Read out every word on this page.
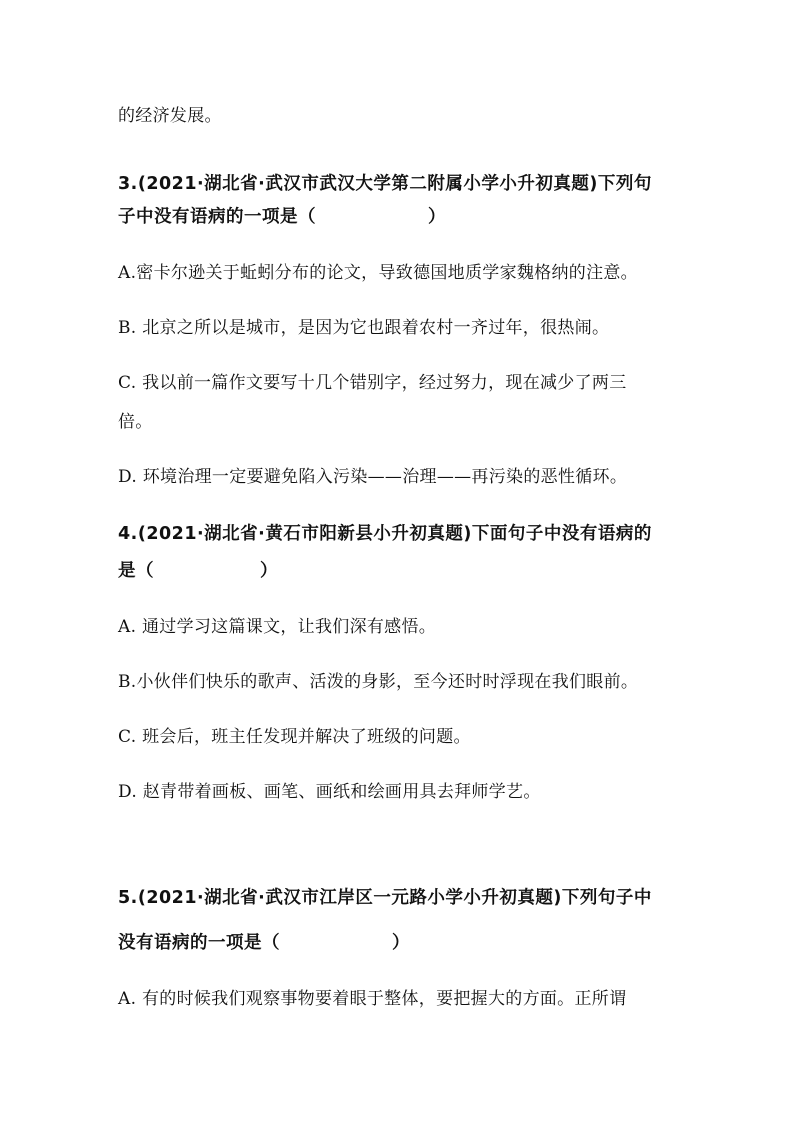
的经济发展。
3.(2021·湖北省·武汉市武汉大学第二附属小学小升初真题)下列句
子中没有语病的一项是（	）
A.密卡尔逊关于蚯蚓分布的论文，导致德国地质学家魏格纳的注意。
B. 北京之所以是城市，是因为它也跟着农村一齐过年，很热闹。
C. 我以前一篇作文要写十几个错别字，经过努力，现在减少了两三
倍。
D. 环境治理一定要避免陷入污染——治理——再污染的恶性循环。
4.(2021·湖北省·黄石市阳新县小升初真题)下面句子中没有语病的
是（	）
A. 通过学习这篇课文，让我们深有感悟。
B.小伙伴们快乐的歌声、活泼的身影，至今还时时浮现在我们眼前。
C. 班会后，班主任发现并解决了班级的问题。
D. 赵青带着画板、画笔、画纸和绘画用具去拜师学艺。
5.(2021·湖北省·武汉市江岸区一元路小学小升初真题)下列句子中
没有语病的一项是（	）
A. 有的时候我们观察事物要着眼于整体，要把握大的方面。正所谓
